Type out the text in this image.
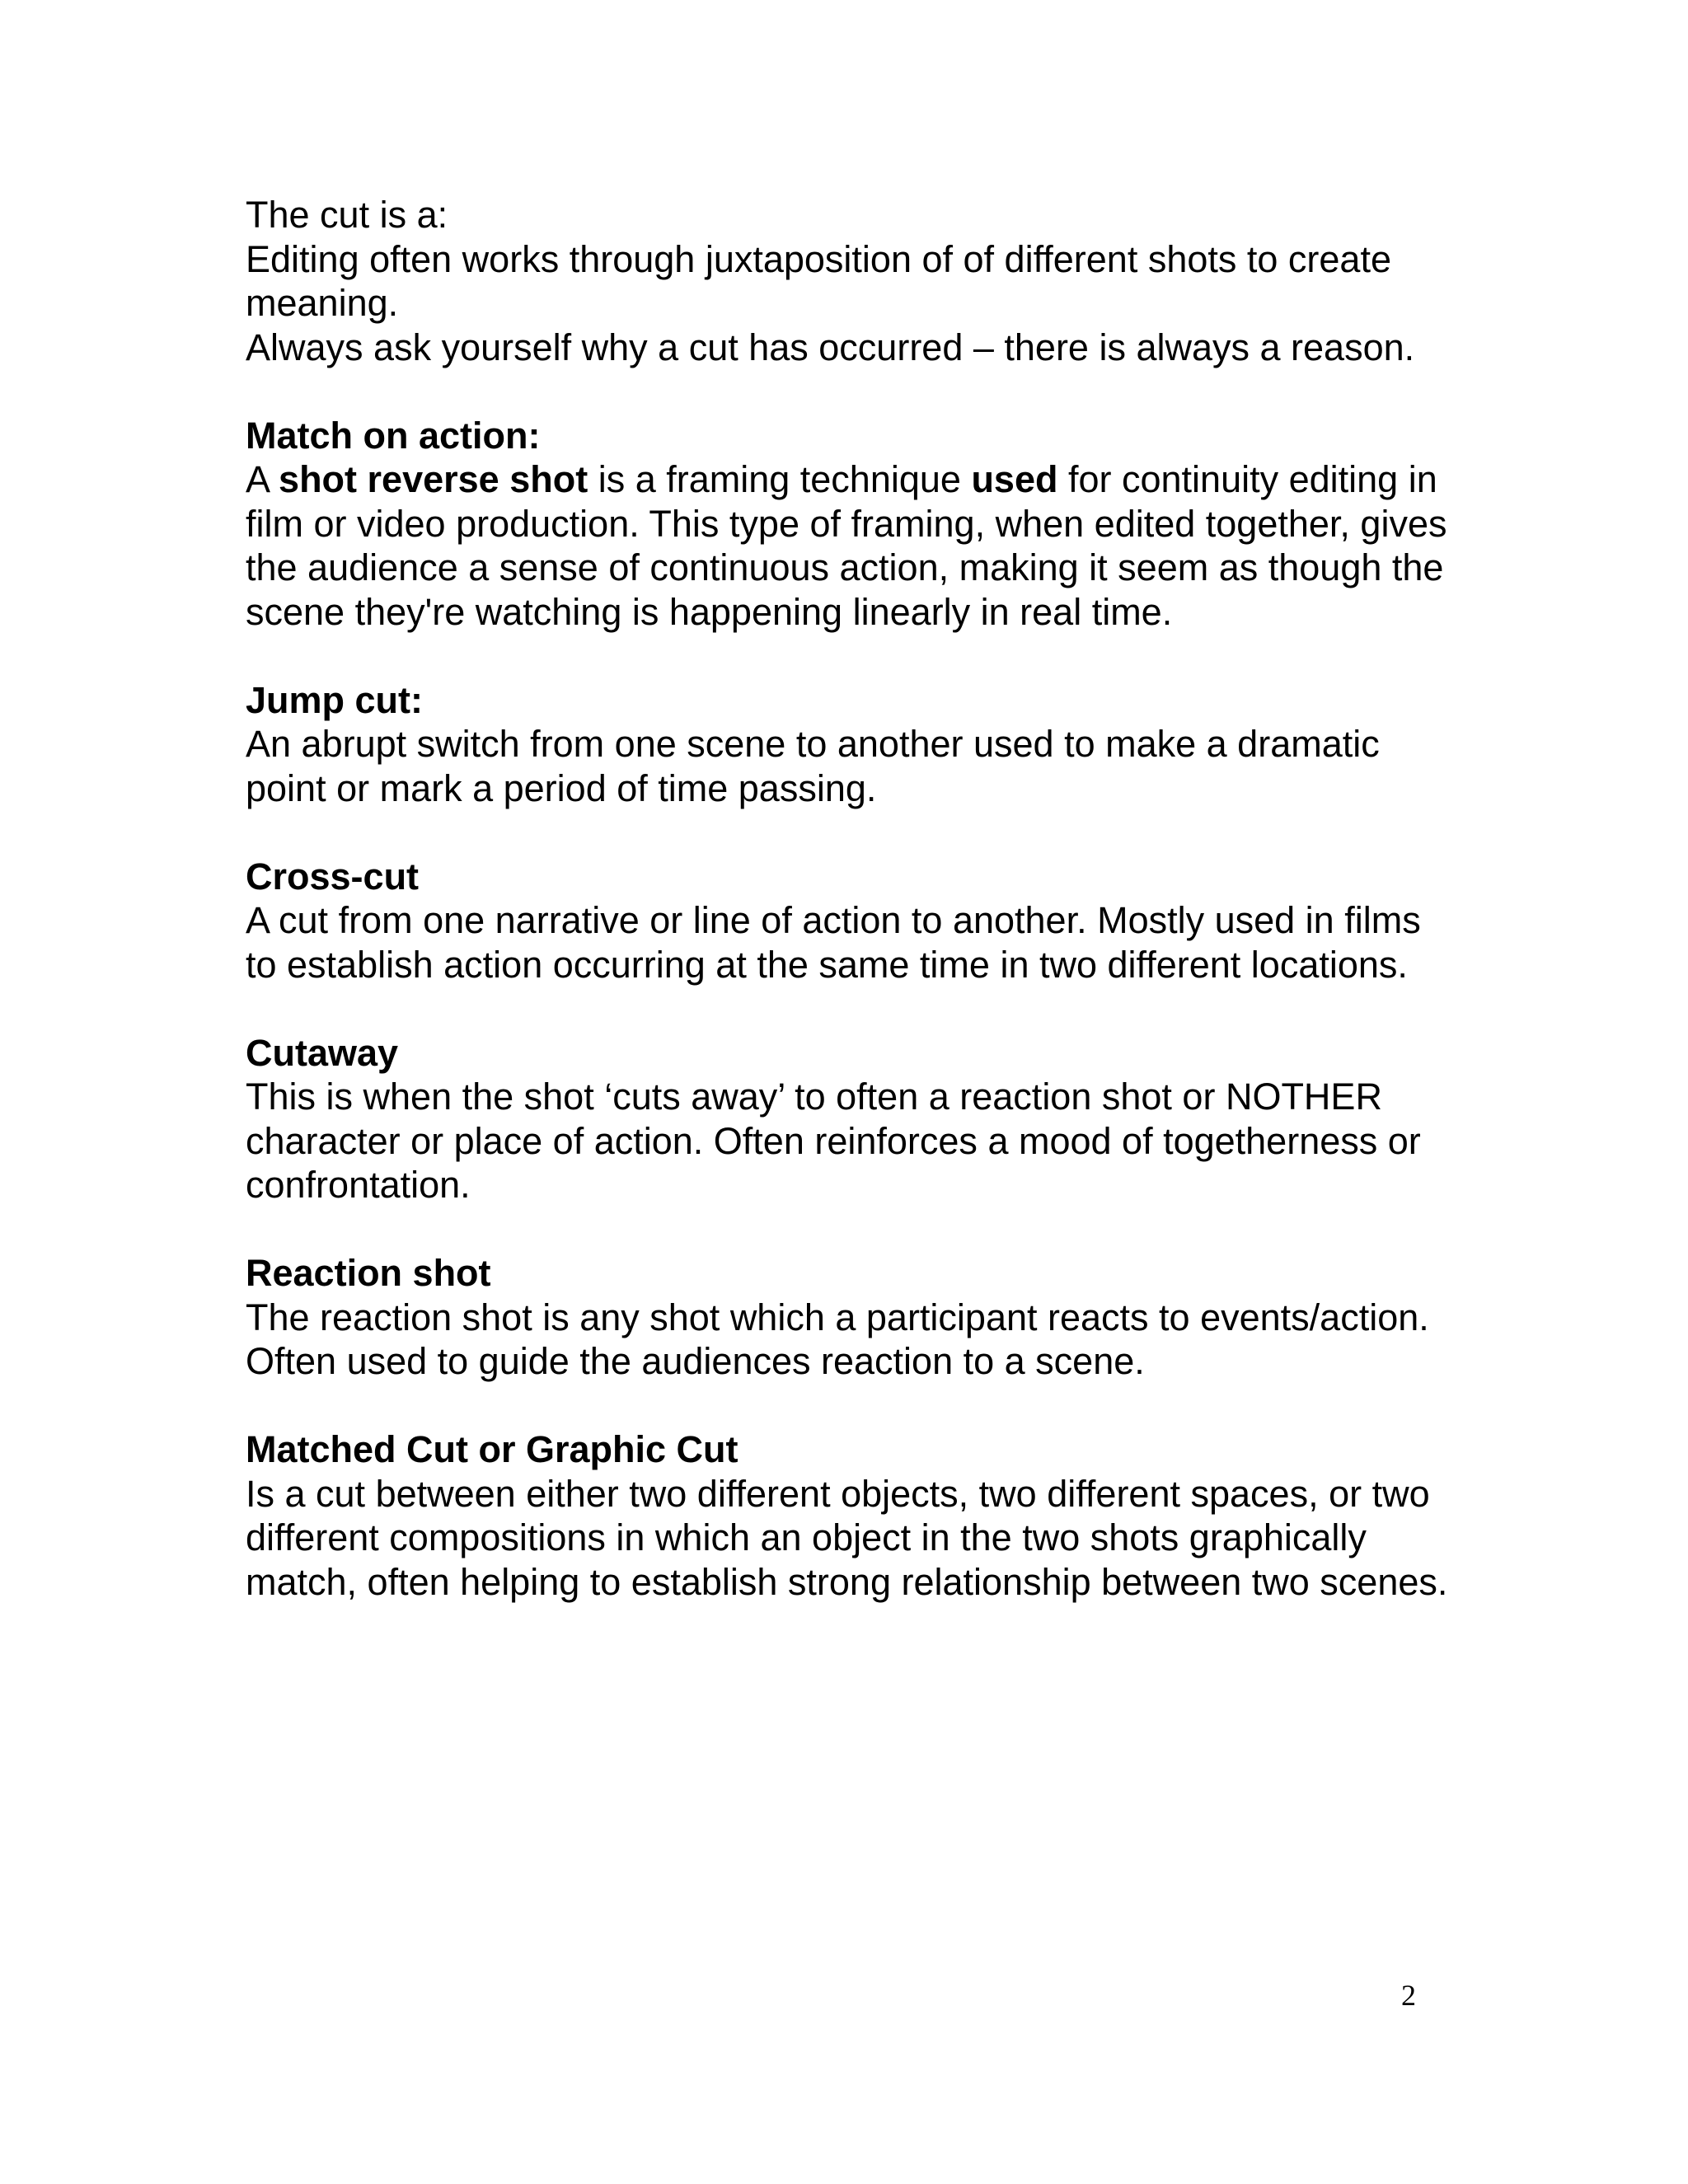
The cut is a:

Editing often works through juxtaposition of of different shots to create meaning.

Always ask yourself why a cut has occurred – there is always a reason.

Match on action:

A shot reverse shot is a framing technique used for continuity editing in film or video production. This type of framing, when edited together, gives the audience a sense of continuous action, making it seem as though the scene they're watching is happening linearly in real time.

Jump cut:

An abrupt switch from one scene to another used to make a dramatic point or mark a period of time passing.

Cross-cut

A cut from one narrative or line of action to another. Mostly used in films to establish action occurring at the same time in two different locations.

Cutaway

This is when the shot ‘cuts away’ to often a reaction shot or NOTHER character or place of action. Often reinforces a mood of togetherness or confrontation.

Reaction shot

The reaction shot is any shot which a participant reacts to events/action. Often used to guide the audiences reaction to a scene.

Matched Cut or Graphic Cut

Is a cut between either two different objects, two different spaces, or two different compositions in which an object in the two shots graphically match, often helping to establish strong relationship between two scenes.

2
